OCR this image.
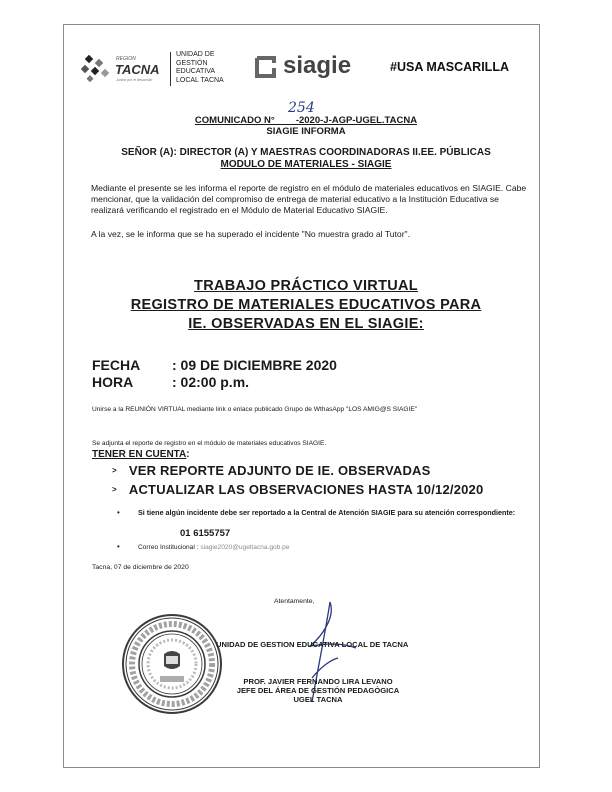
REGION
TACNA
Juntos por el desarrollo
UNIDAD DE
GESTIÓN
EDUCATIVA
LOCAL TACNA
siagie	#USA MASCARILLA
254
COMUNICADO N°        -2020-J-AGP-UGEL.TACNA
SIAGIE INFORMA
SEÑOR (A): DIRECTOR (A) Y MAESTRAS COORDINADORAS II.EE. PÚBLICAS
MODULO DE MATERIALES - SIAGIE
Mediante el presente se les informa el reporte de registro en el módulo de materiales educativos en SIAGIE. Cabe mencionar, que la validación del compromiso de entrega de material educativo a la Institución Educativa se realizará verificando el registrado en el Módulo de Material Educativo SIAGIE.
A la vez, se le informa que se ha superado el incidente "No muestra grado al Tutor".
TRABAJO PRÁCTICO VIRTUAL
REGISTRO DE MATERIALES EDUCATIVOS PARA
IE. OBSERVADAS EN EL SIAGIE:
FECHA : 09 DE DICIEMBRE 2020
HORA	: 02:00 p.m.
Unirse a la REUNIÓN VIRTUAL mediante link o enlace publicado Grupo de WthasApp "LOS AMIG@S SIAGIE"
Se adjunta el reporte de registro en el módulo de materiales educativos SIAGIE.
TENER EN CUENTA:
> VER REPORTE ADJUNTO DE IE. OBSERVADAS
> ACTUALIZAR LAS OBSERVACIONES HASTA 10/12/2020
•	Si tiene algún incidente debe ser reportado a la Central de Atención SIAGIE para su atención correspondiente:
01 6155757
•	Correo Institucional : siagie2020@ugeltacna.gob.pe
Tacna, 07 de diciembre de 2020
Atentamente,
UNIDAD DE GESTION EDUCATIVA LOCAL DE TACNA
PROF. JAVIER FERNANDO LIRA LEVANO
JEFE DEL ÁREA DE GESTIÓN PEDAGÓGICA
UGEL TACNA
